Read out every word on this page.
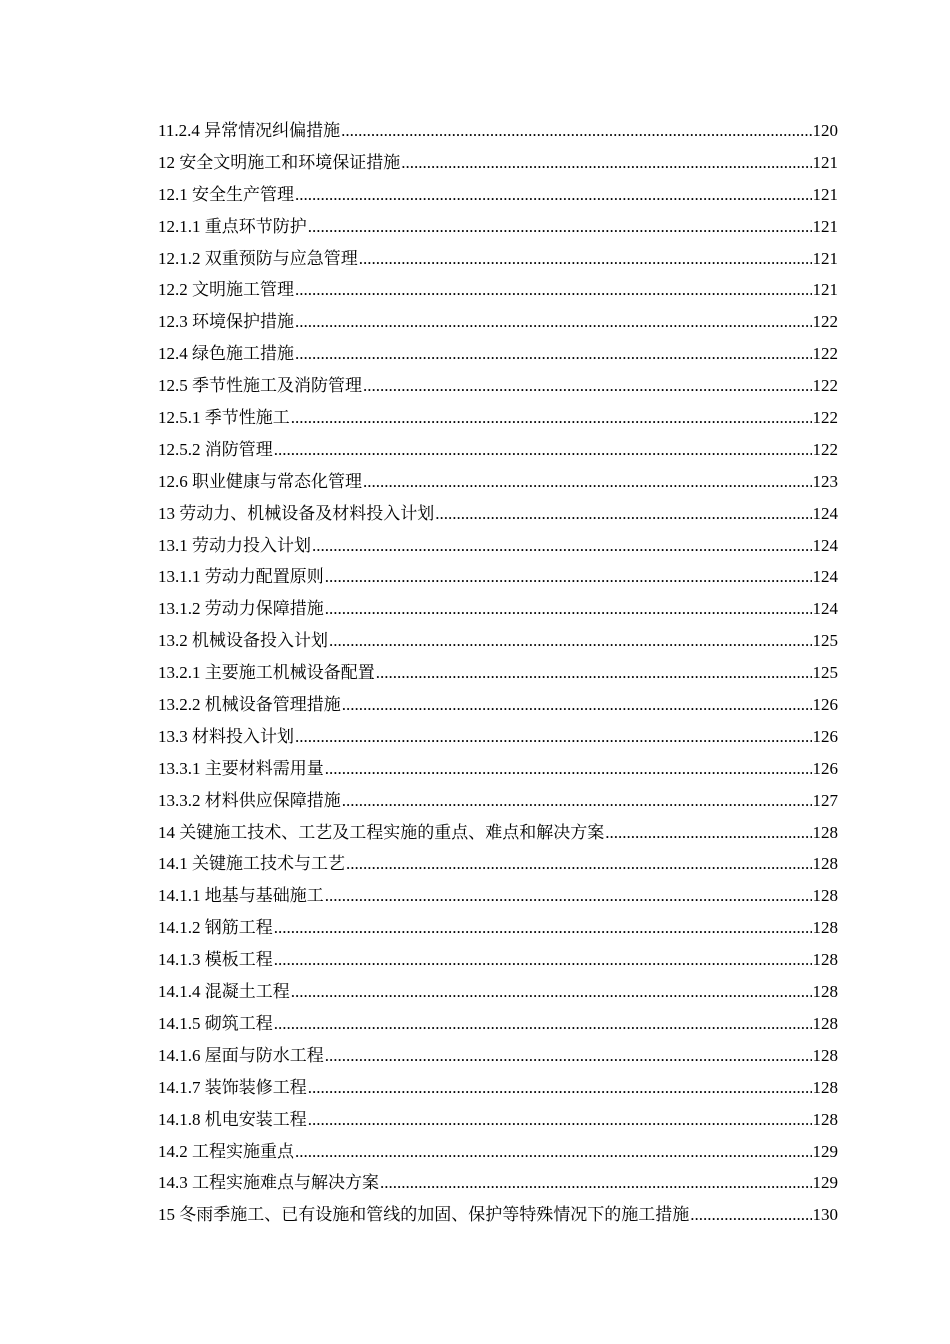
11.2.4 异常情况纠偏措施 .....	120
12 安全文明施工和环境保证措施 .....	121
12.1 安全生产管理 .....	121
12.1.1 重点环节防护 .....	121
12.1.2 双重预防与应急管理 .....	121
12.2 文明施工管理 .....	121
12.3 环境保护措施 .....	122
12.4 绿色施工措施 .....	122
12.5 季节性施工及消防管理 .....	122
12.5.1 季节性施工 .....	122
12.5.2 消防管理 .....	122
12.6 职业健康与常态化管理 .....	123
13 劳动力、机械设备及材料投入计划 .....	124
13.1 劳动力投入计划 .....	124
13.1.1 劳动力配置原则 .....	124
13.1.2 劳动力保障措施 .....	124
13.2 机械设备投入计划 .....	125
13.2.1 主要施工机械设备配置 .....	125
13.2.2 机械设备管理措施 .....	126
13.3 材料投入计划 .....	126
13.3.1 主要材料需用量 .....	126
13.3.2 材料供应保障措施 .....	127
14 关键施工技术、工艺及工程实施的重点、难点和解决方案 .....	128
14.1 关键施工技术与工艺 .....	128
14.1.1 地基与基础施工 .....	128
14.1.2 钢筋工程 .....	128
14.1.3 模板工程 .....	128
14.1.4 混凝土工程 .....	128
14.1.5 砌筑工程 .....	128
14.1.6 屋面与防水工程 .....	128
14.1.7 装饰装修工程 .....	128
14.1.8 机电安装工程 .....	128
14.2 工程实施重点 .....	129
14.3 工程实施难点与解决方案 .....	129
15 冬雨季施工、已有设施和管线的加固、保护等特殊情况下的施工措施 .....	130
